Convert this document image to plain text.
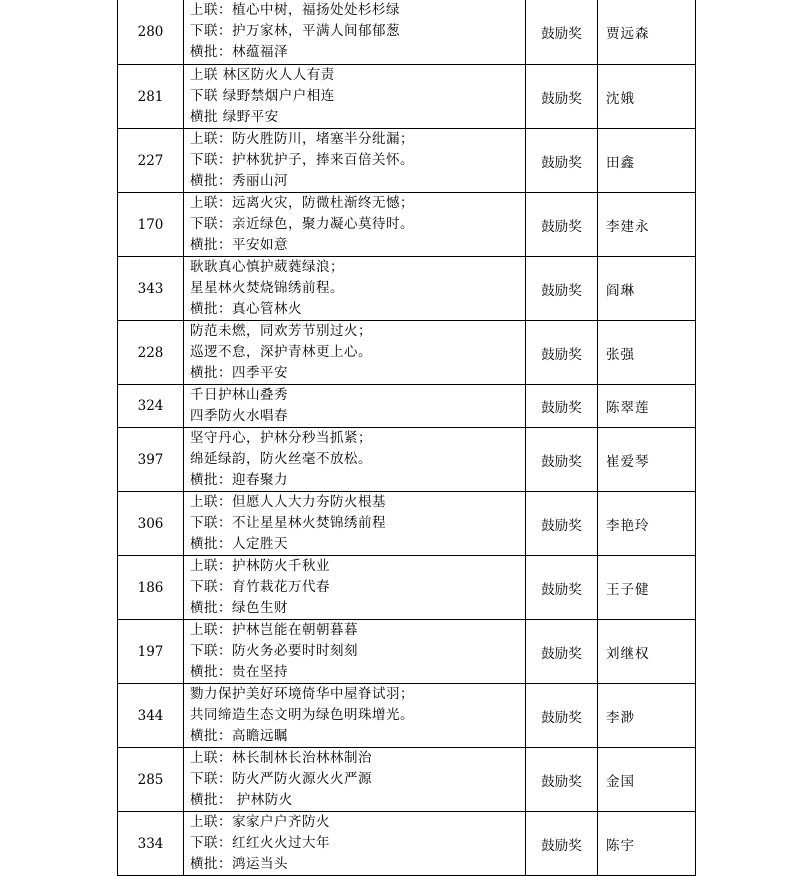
280	上联：植心中树，福扬处处杉杉绿
下联：护万家林，平满人间郁郁葱
横批：林蕴福泽	鼓励奖	贾远森
281	上联 林区防火人人有责
下联 绿野禁烟户户相连
横批 绿野平安	鼓励奖	沈娥
227	上联：防火胜防川，堵塞半分纰漏；
下联：护林犹护子，捧来百倍关怀。
横批：秀丽山河	鼓励奖	田鑫
170	上联：远离火灾，防微杜渐终无憾；
下联：亲近绿色，聚力凝心莫待时。
横批：平安如意	鼓励奖	李建永
343	耿耿真心慎护葳蕤绿浪；
星星林火焚烧锦绣前程。
横批：真心管林火	鼓励奖	阎琳
228	防范未燃，同欢芳节别过火；
巡逻不怠，深护青林更上心。
横批：四季平安	鼓励奖	张强
324	千日护林山叠秀
四季防火水唱春	鼓励奖	陈翠莲
397	坚守丹心，护林分秒当抓紧；
绵延绿韵，防火丝毫不放松。
横批：迎春聚力	鼓励奖	崔爱琴
306	上联：但愿人人大力夯防火根基
下联：不让星星林火焚锦绣前程
横批：人定胜天	鼓励奖	李艳玲
186	上联：护林防火千秋业
下联：育竹栽花万代春
横批：绿色生财	鼓励奖	王子健
197	上联：护林岂能在朝朝暮暮
下联：防火务必要时时刻刻
横批：贵在坚持	鼓励奖	刘继权
344	勠力保护美好环境倚华中屋脊试羽；
共同缔造生态文明为绿色明珠增光。
横批：高瞻远瞩	鼓励奖	李渺
285	上联：林长制林长治林林制治
下联：防火严防火源火火严源
横批： 护林防火	鼓励奖	金国
334	上联：家家户户齐防火
下联：红红火火过大年
横批：鸿运当头	鼓励奖	陈宇
